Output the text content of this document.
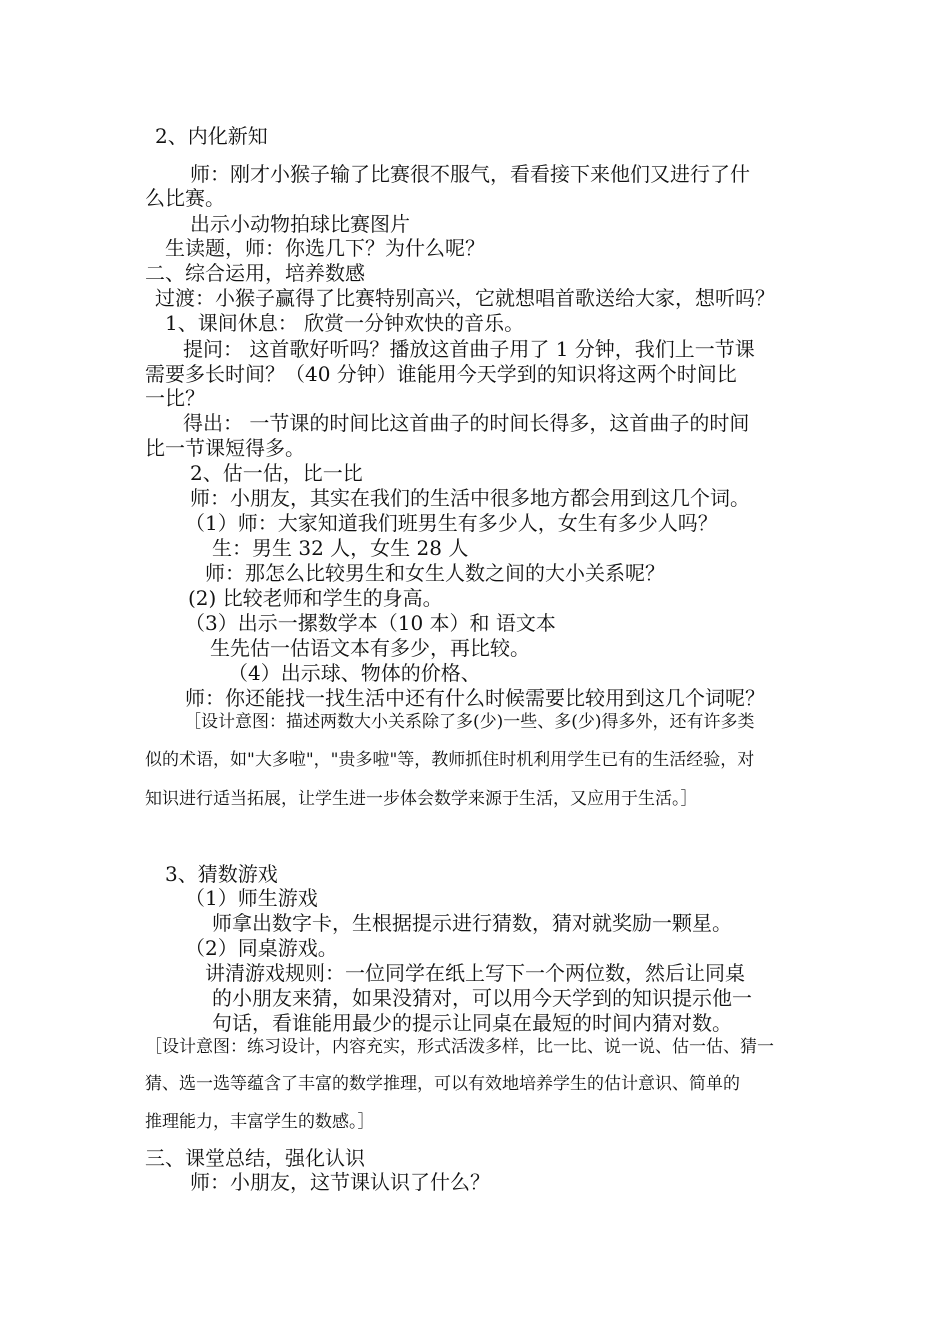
2、内化新知
师：刚才小猴子输了比赛很不服气，看看接下来他们又进行了什
么比赛。
出示小动物拍球比赛图片
生读题，师：你选几下？为什么呢？
二、综合运用，培养数感
过渡：小猴子赢得了比赛特别高兴，它就想唱首歌送给大家，想听吗？
1、课间休息： 欣赏一分钟欢快的音乐。
提问： 这首歌好听吗？播放这首曲子用了 1 分钟，我们上一节课
需要多长时间？（40 分钟）谁能用今天学到的知识将这两个时间比
一比？
得出： 一节课的时间比这首曲子的时间长得多，这首曲子的时间
比一节课短得多。
2、估一估，比一比
师：小朋友，其实在我们的生活中很多地方都会用到这几个词。
（1）师：大家知道我们班男生有多少人，女生有多少人吗？
生：男生 32 人，女生 28 人
师：那怎么比较男生和女生人数之间的大小关系呢？
(2) 比较老师和学生的身高。
（3）出示一摞数学本（10 本）和 语文本
生先估一估语文本有多少，再比较。
（4）出示球、物体的价格、
师：你还能找一找生活中还有什么时候需要比较用到这几个词呢？
［设计意图：描述两数大小关系除了多(少)一些、多(少)得多外，还有许多类
似的术语，如"大多啦"，"贵多啦"等，教师抓住时机利用学生已有的生活经验，对
知识进行适当拓展，让学生进一步体会数学来源于生活，又应用于生活。］
3、猜数游戏
（1）师生游戏
师拿出数字卡，生根据提示进行猜数，猜对就奖励一颗星。
（2）同桌游戏。
讲清游戏规则：一位同学在纸上写下一个两位数，然后让同桌
的小朋友来猜，如果没猜对，可以用今天学到的知识提示他一
句话，看谁能用最少的提示让同桌在最短的时间内猜对数。
［设计意图：练习设计，内容充实，形式活泼多样，比一比、说一说、估一估、猜一
猜、选一选等蕴含了丰富的数学推理，可以有效地培养学生的估计意识、简单的
推理能力，丰富学生的数感。］
三、课堂总结，强化认识
师：小朋友，这节课认识了什么？
